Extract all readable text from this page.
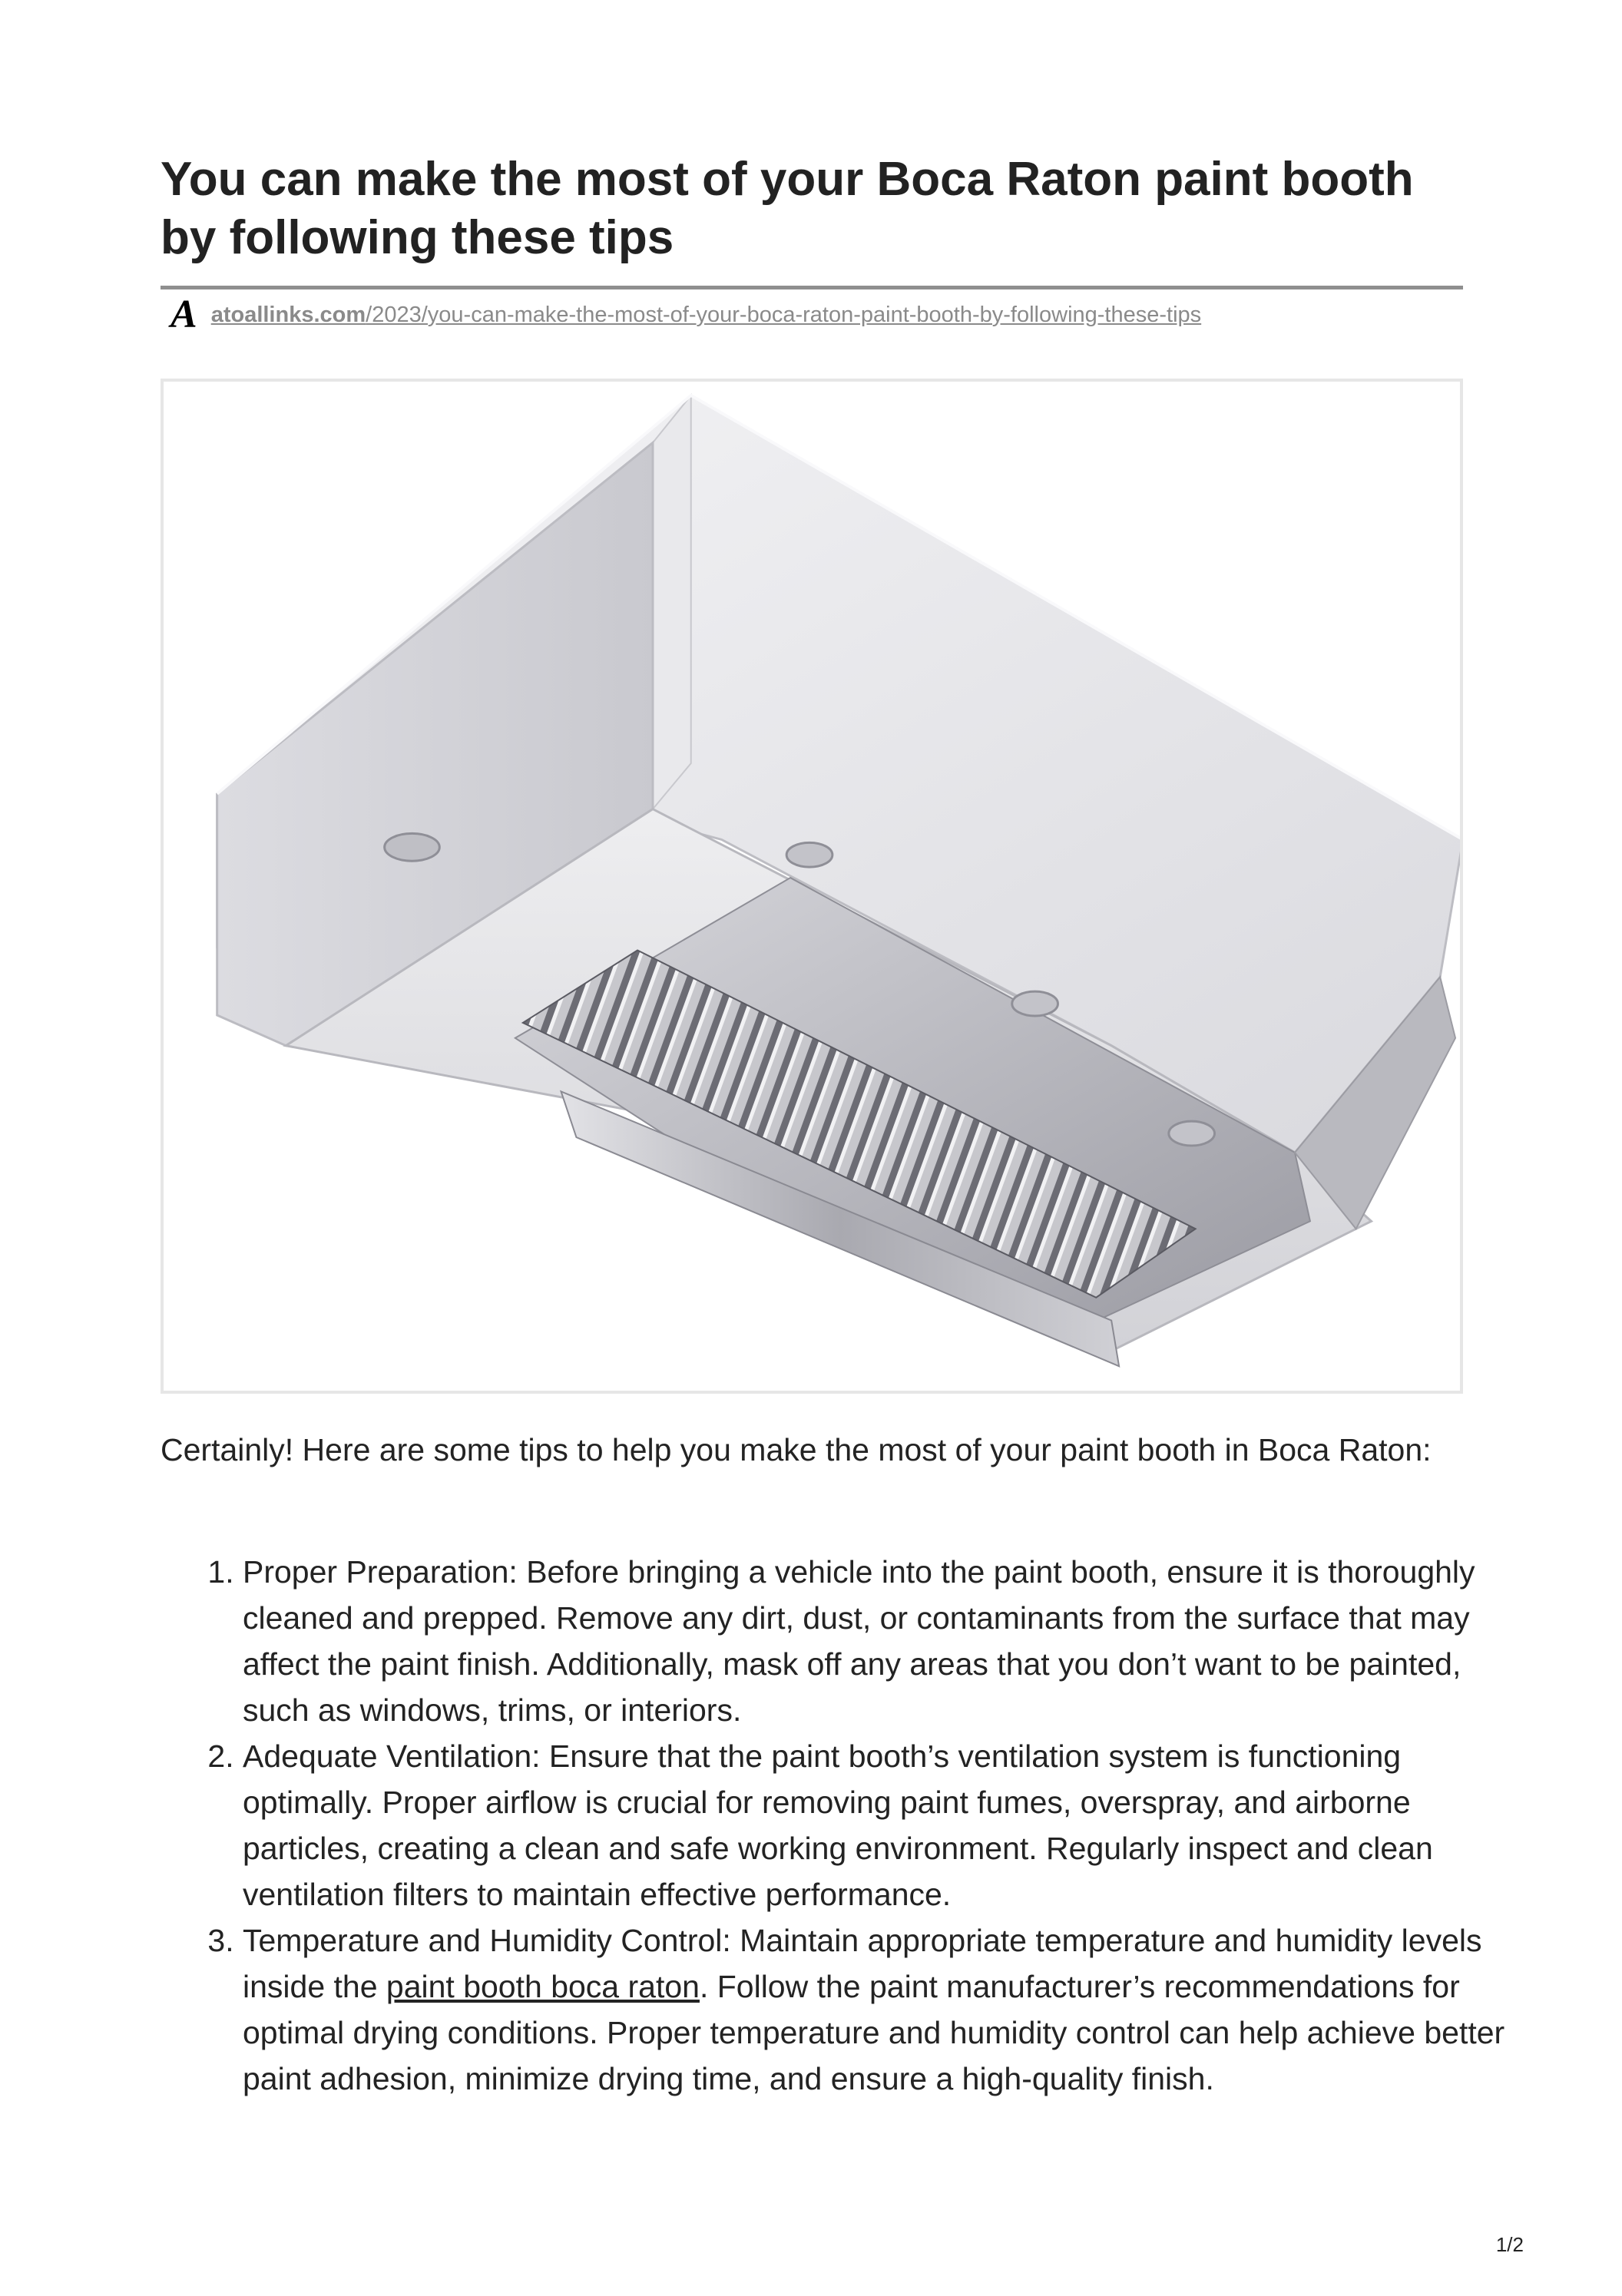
You can make the most of your Boca Raton paint booth by following these tips
A atoallinks.com/2023/you-can-make-the-most-of-your-boca-raton-paint-booth-by-following-these-tips

Certainly! Here are some tips to help you make the most of your paint booth in Boca Raton:

1. Proper Preparation: Before bringing a vehicle into the paint booth, ensure it is thoroughly cleaned and prepped. Remove any dirt, dust, or contaminants from the surface that may affect the paint finish. Additionally, mask off any areas that you don’t want to be painted, such as windows, trims, or interiors.
2. Adequate Ventilation: Ensure that the paint booth’s ventilation system is functioning optimally. Proper airflow is crucial for removing paint fumes, overspray, and airborne particles, creating a clean and safe working environment. Regularly inspect and clean ventilation filters to maintain effective performance.
3. Temperature and Humidity Control: Maintain appropriate temperature and humidity levels inside the paint booth boca raton. Follow the paint manufacturer’s recommendations for optimal drying conditions. Proper temperature and humidity control can help achieve better paint adhesion, minimize drying time, and ensure a high-quality finish.
1/2
